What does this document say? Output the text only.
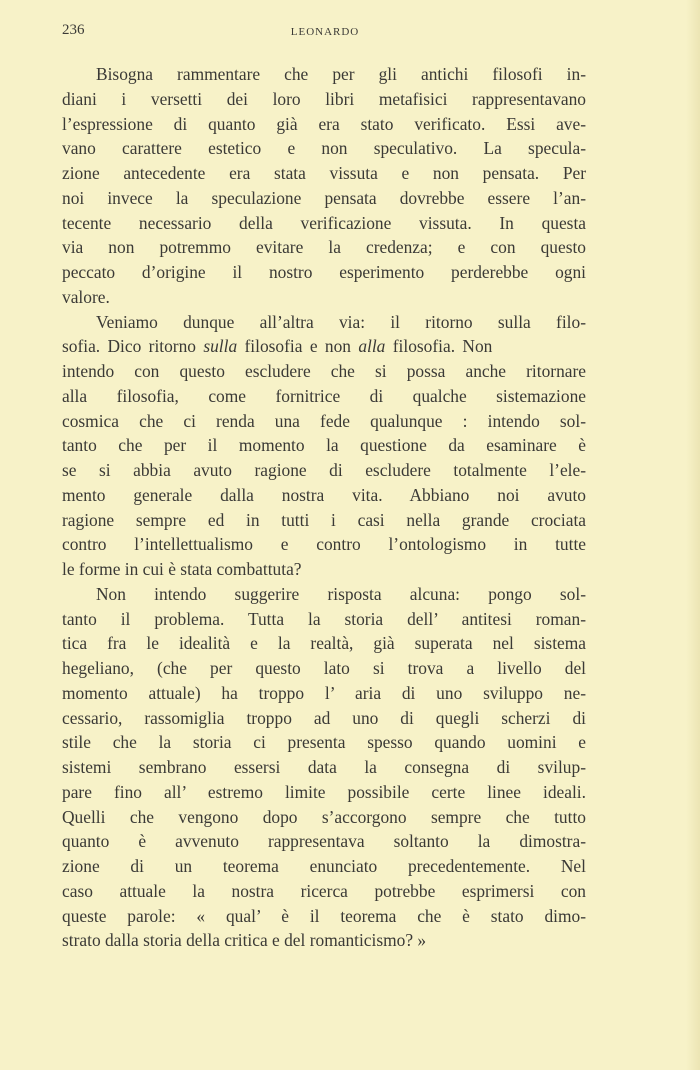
236	LEONARDO
Bisogna rammentare che per gli antichi filosofi in-
diani i versetti dei loro libri metafisici rappresentavano
l’espressione di quanto già era stato verificato. Essi ave-
vano carattere estetico e non speculativo. La specula-
zione antecedente era stata vissuta e non pensata. Per
noi invece la speculazione pensata dovrebbe essere l’an-
tecente necessario della verificazione vissuta. In questa
via non potremmo evitare la credenza; e con questo
peccato d’origine il nostro esperimento perderebbe ogni
valore.
Veniamo dunque all’altra via: il ritorno sulla filo-
sofia. Dico ritorno sulla filosofia e non alla filosofia. Non
intendo con questo escludere che si possa anche ritornare
alla filosofia, come fornitrice di qualche sistemazione
cosmica che ci renda una fede qualunque : intendo sol-
tanto che per il momento la questione da esaminare è
se si abbia avuto ragione di escludere totalmente l’ele-
mento generale dalla nostra vita. Abbiano noi avuto
ragione sempre ed in tutti i casi nella grande crociata
contro l’intellettualismo e contro l’ontologismo in tutte
le forme in cui è stata combattuta?
Non intendo suggerire risposta alcuna: pongo sol-
tanto il problema. Tutta la storia dell’ antitesi roman-
tica fra le idealità e la realtà, già superata nel sistema
hegeliano, (che per questo lato si trova a livello del
momento attuale) ha troppo l’ aria di uno sviluppo ne-
cessario, rassomiglia troppo ad uno di quegli scherzi di
stile che la storia ci presenta spesso quando uomini e
sistemi sembrano essersi data la consegna di svilup-
pare fino all’ estremo limite possibile certe linee ideali.
Quelli che vengono dopo s’accorgono sempre che tutto
quanto è avvenuto rappresentava soltanto la dimostra-
zione di un teorema enunciato precedentemente. Nel
caso attuale la nostra ricerca potrebbe esprimersi con
queste parole: « qual’ è il teorema che è stato dimo-
strato dalla storia della critica e del romanticismo? »
